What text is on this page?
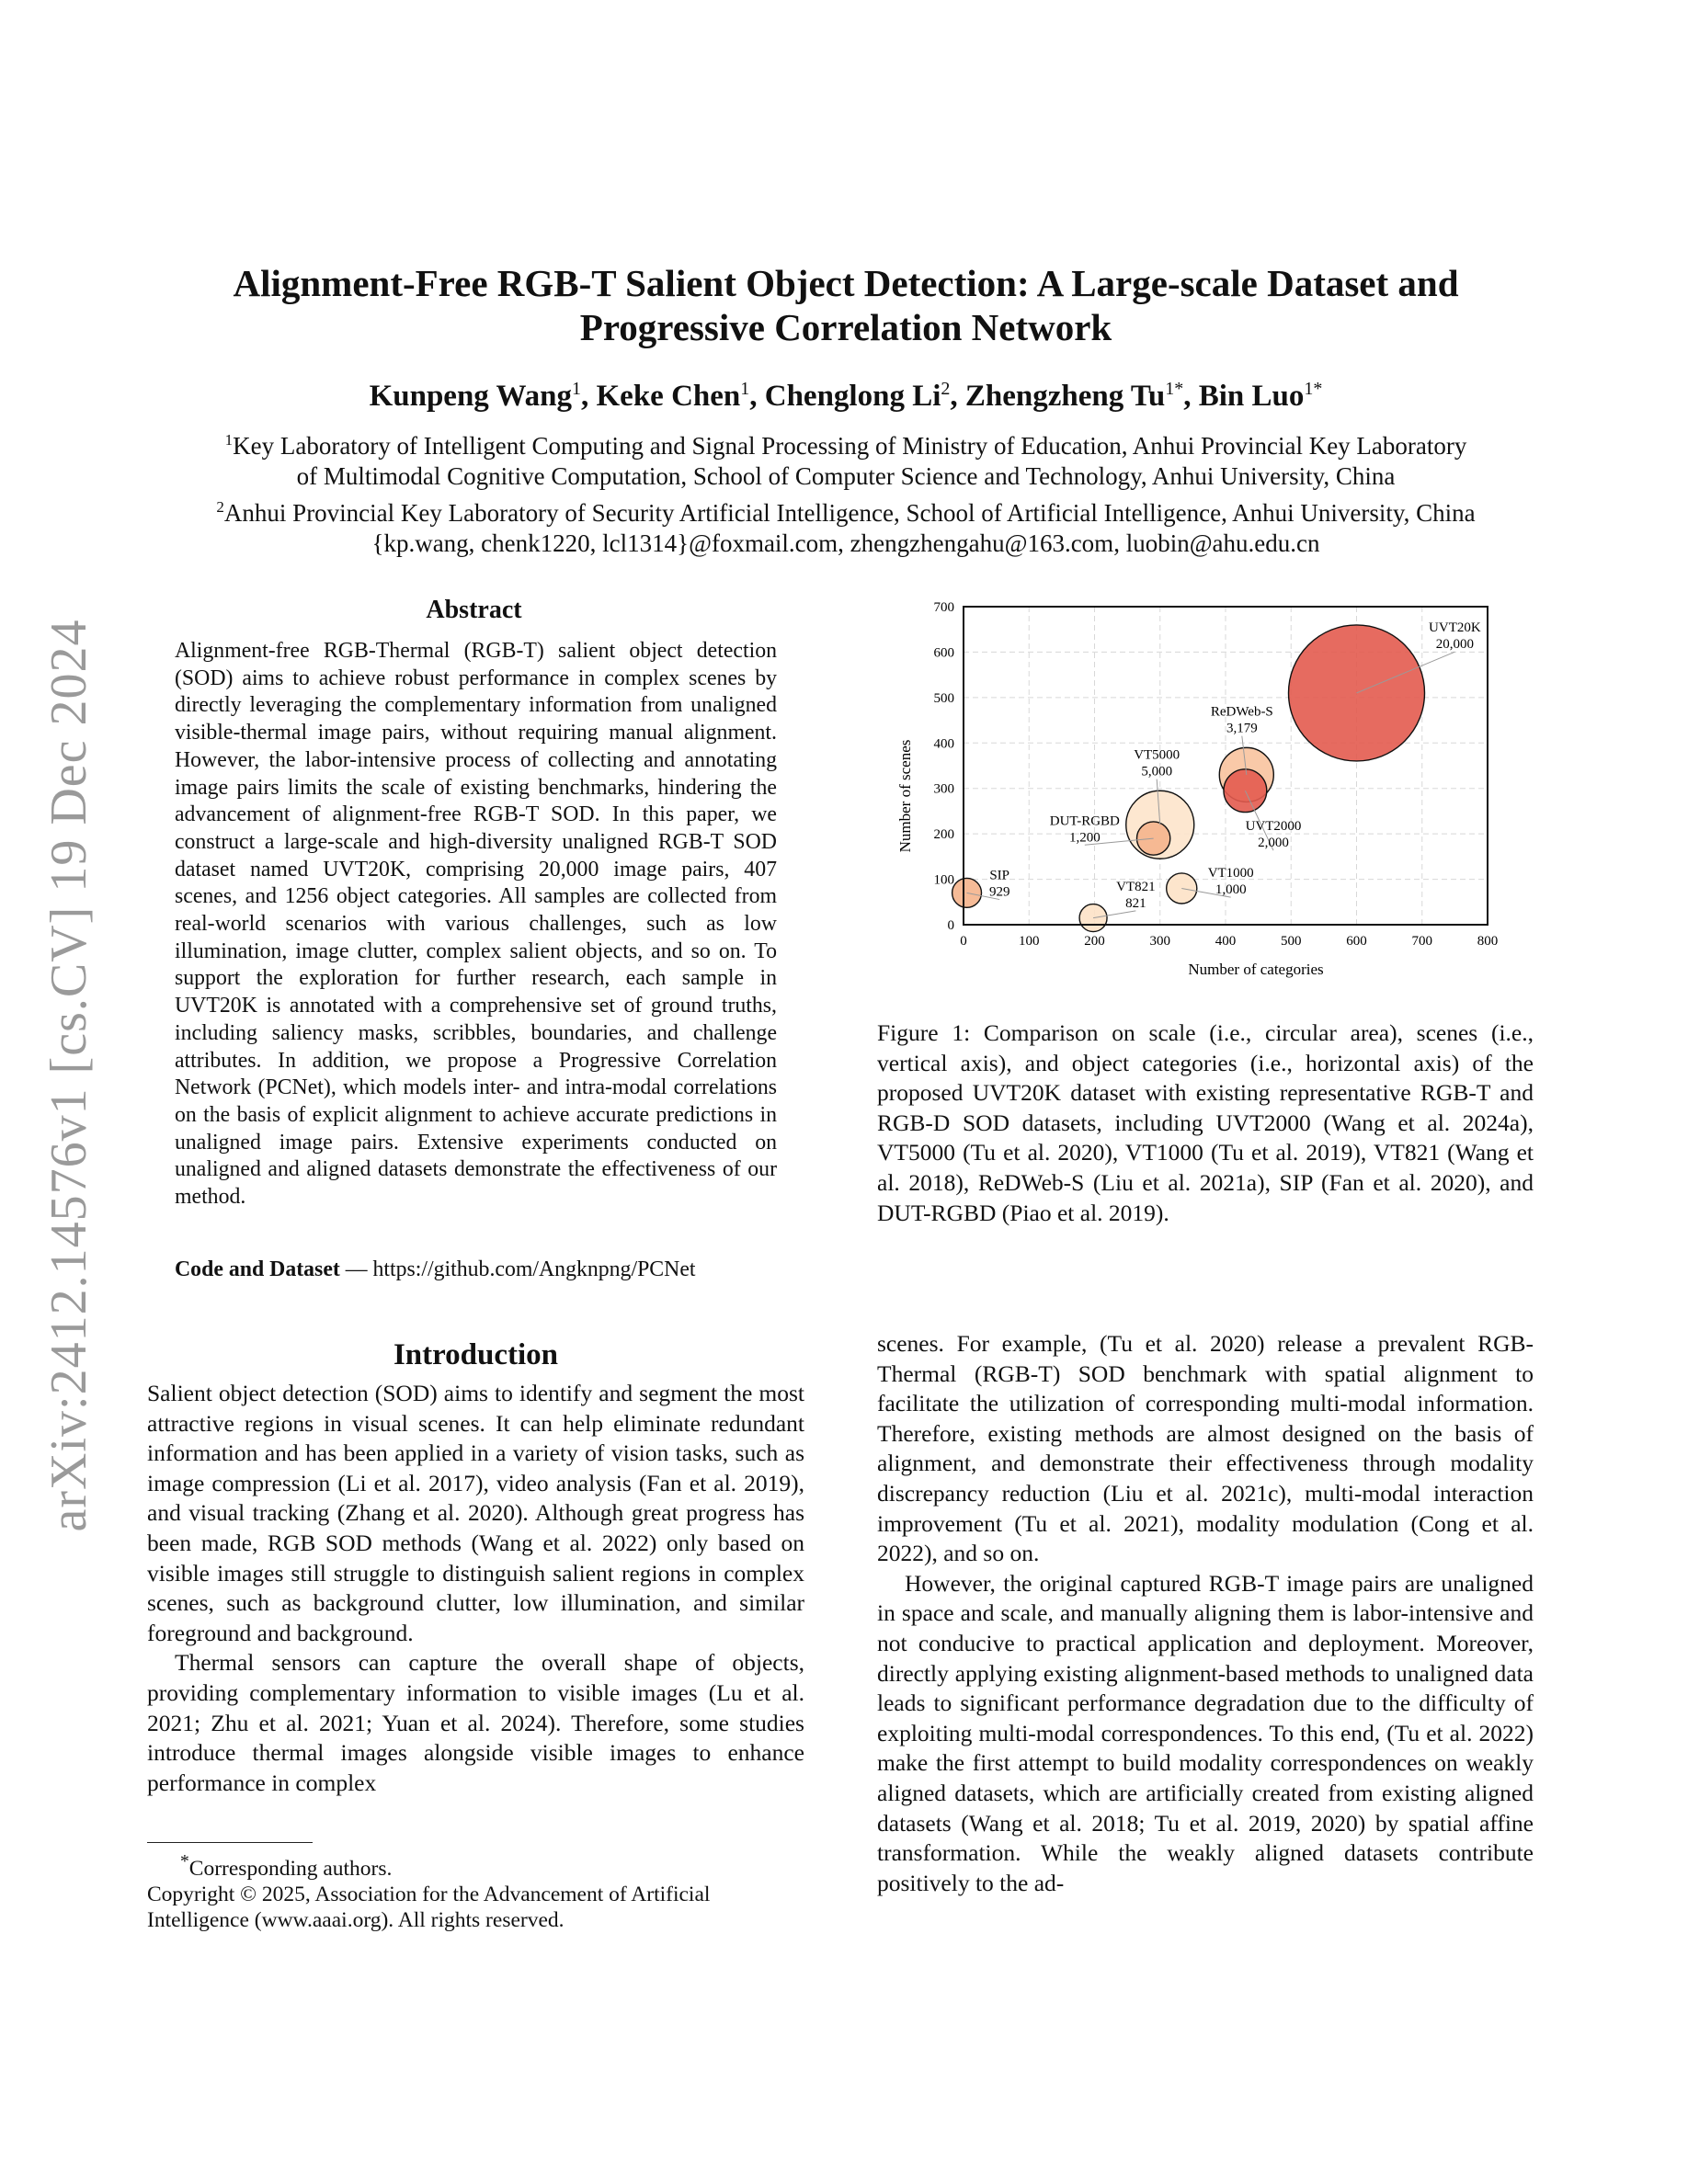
arXiv:2412.14576v1 [cs.CV] 19 Dec 2024
Alignment-Free RGB-T Salient Object Detection: A Large-scale Dataset and
Progressive Correlation Network
Kunpeng Wang$^1$, Keke Chen$^1$, Chenglong Li$^2$, Zhengzheng $Tu^{1*}$, Bin Luo$^{1*}$
$^1$Key Laboratory of Intelligent Computing and Signal Processing of Ministry of Education, Anhui Provincial Key Laboratory
of Multimodal Cognitive Computation, School of Computer Science and Technology, Anhui University, China
$^2$Anhui Provincial Key Laboratory of Security Artificial Intelligence, School of Artificial Intelligence, Anhui University, China
{kp.wang, chenk1220, lcl1314}@foxmail.com, zhengzhengahu@163.com, luobin@ahu.edu.cn
Abstract
Alignment-free RGB-Thermal (RGB-T) salient object detection (SOD) aims to achieve robust performance in complex scenes by directly leveraging the complementary information from unaligned visible-thermal image pairs, without requiring manual alignment. However, the labor-intensive process of collecting and annotating image pairs limits the scale of existing benchmarks, hindering the advancement of alignment-free RGB-T SOD. In this paper, we construct a large-scale and high-diversity unaligned RGB-T SOD dataset named UVT20K, comprising 20,000 image pairs, 407 scenes, and 1256 object categories. All samples are collected from real-world scenarios with various challenges, such as low illumination, image clutter, complex salient objects, and so on. To support the exploration for further research, each sample in UVT20K is annotated with a comprehensive set of ground truths, including saliency masks, scribbles, boundaries, and challenge attributes. In addition, we propose a Progressive Correlation Network (PCNet), which models inter- and intra-modal correlations on the basis of explicit alignment to achieve accurate predictions in unaligned image pairs. Extensive experiments conducted on unaligned and aligned datasets demonstrate the effectiveness of our method.
Code and Dataset — https://github.com/Angknpng/PCNet
Introduction

Salient object detection (SOD) aims to identify and segment the most attractive regions in visual scenes. It can help eliminate redundant information and has been applied in a variety of vision tasks, such as image compression (Li et al. 2017), video analysis (Fan et al. 2019), and visual tracking (Zhang et al. 2020). Although great progress has been made, RGB SOD methods (Wang et al. 2022) only based on visible images still struggle to distinguish salient regions in complex scenes, such as background clutter, low illumination, and similar foreground and background.

Thermal sensors can capture the overall shape of objects, providing complementary information to visible images (Lu et al. 2021; Zhu et al. 2021; Yuan et al. 2024). Therefore, some studies introduce thermal images alongside visible images to enhance performance in complex

*Corresponding authors.

Copyright © 2025, Association for the Advancement of Artificial Intelligence (www.aaai.org). All rights reserved.

SIP
929	VT821
821
DUT-RGBD
1,200
VT5000
5,000
VT1000
1,000
UVT2000
2,000
ReDWeb-S
3,179
UVT20K
20,000
0	100	200	300	400	500	600	700	800
0
100
200
300
400
500
600
700
Number of categories
Number of scenes
Figure 1: Comparison on scale (i.e., circular area), scenes (i.e., vertical axis), and object categories (i.e., horizontal axis) of the proposed UVT20K dataset with existing representative RGB-T and RGB-D SOD datasets, including UVT2000 (Wang et al. 2024a), VT5000 (Tu et al. 2020), VT1000 (Tu et al. 2019), VT821 (Wang et al. 2018), ReDWeb-S (Liu et al. 2021a), SIP (Fan et al. 2020), and DUT-RGBD (Piao et al. 2019).

scenes. For example, (Tu et al. 2020) release a prevalent RGB-Thermal (RGB-T) SOD benchmark with spatial alignment to facilitate the utilization of corresponding multi-modal information. Therefore, existing methods are almost designed on the basis of alignment, and demonstrate their effectiveness through modality discrepancy reduction (Liu et al. 2021c), multi-modal interaction improvement (Tu et al. 2021), modality modulation (Cong et al. 2022), and so on.

However, the original captured RGB-T image pairs are unaligned in space and scale, and manually aligning them is labor-intensive and not conducive to practical application and deployment. Moreover, directly applying existing alignment-based methods to unaligned data leads to significant performance degradation due to the difficulty of exploiting multi-modal correspondences. To this end, (Tu et al. 2022) make the first attempt to build modality correspondences on weakly aligned datasets, which are artificially created from existing aligned datasets (Wang et al. 2018; Tu et al. 2019, 2020) by spatial affine transformation. While the weakly aligned datasets contribute positively to the ad-
